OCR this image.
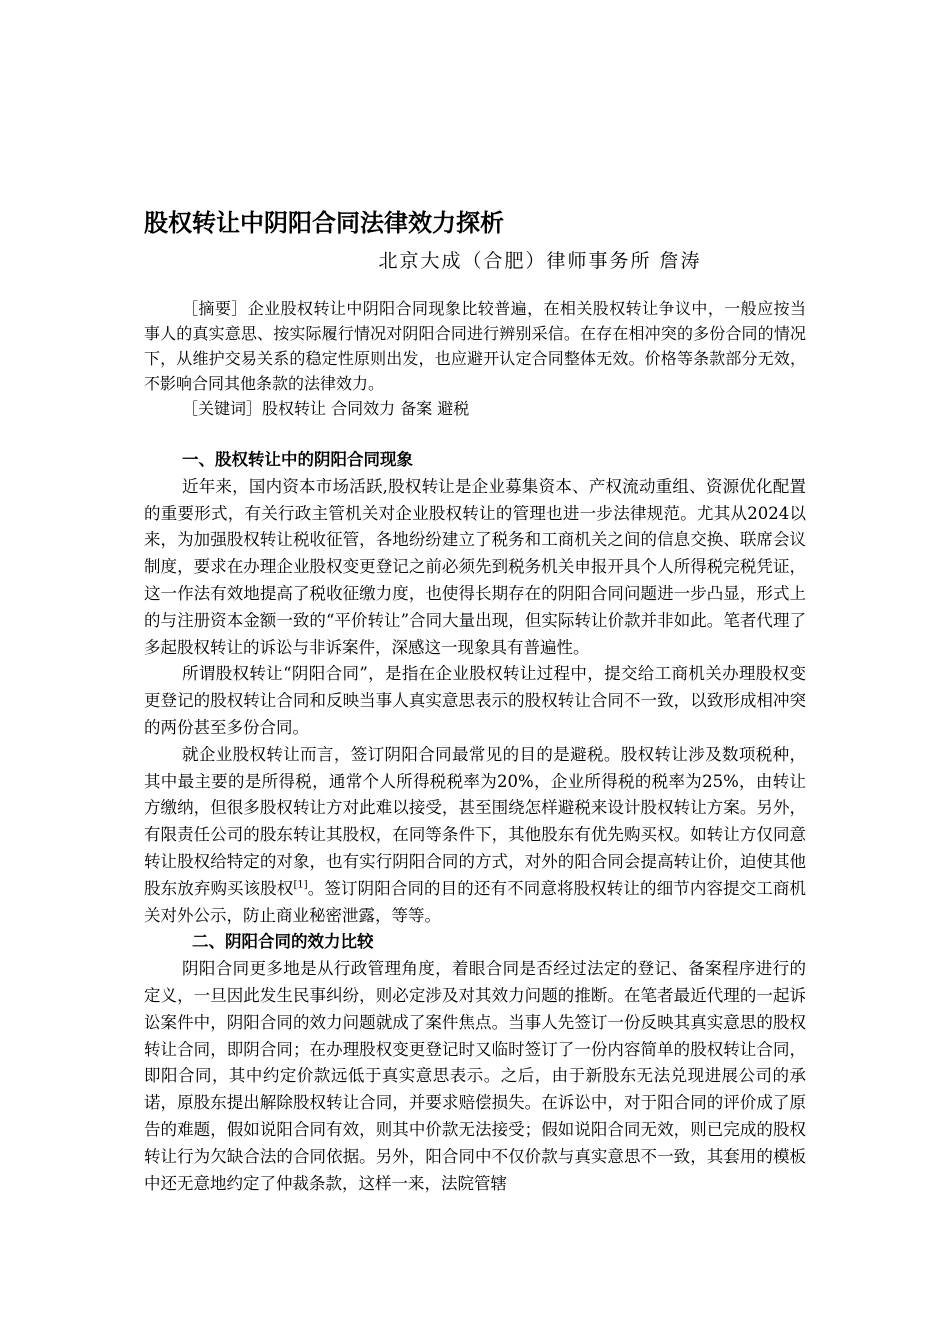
股权转让中阴阳合同法律效力探析
北京大成（合肥）律师事务所 詹涛

［摘要］企业股权转让中阴阳合同现象比较普遍，在相关股权转让争议中，一般应按当事人的真实意思、按实际履行情况对阴阳合同进行辨别采信。在存在相冲突的多份合同的情况下，从维护交易关系的稳定性原则出发，也应避开认定合同整体无效。价格等条款部分无效，不影响合同其他条款的法律效力。

［关键词］股权转让 合同效力 备案 避税

一、股权转让中的阴阳合同现象

近年来，国内资本市场活跃,股权转让是企业募集资本、产权流动重组、资源优化配置的重要形式，有关行政主管机关对企业股权转让的管理也进一步法律规范。尤其从2024以来，为加强股权转让税收征管，各地纷纷建立了税务和工商机关之间的信息交换、联席会议制度，要求在办理企业股权变更登记之前必须先到税务机关申报开具个人所得税完税凭证，这一作法有效地提高了税收征缴力度，也使得长期存在的阴阳合同问题进一步凸显，形式上的与注册资本金额一致的“平价转让”合同大量出现，但实际转让价款并非如此。笔者代理了多起股权转让的诉讼与非诉案件，深感这一现象具有普遍性。

所谓股权转让“阴阳合同”，是指在企业股权转让过程中，提交给工商机关办理股权变更登记的股权转让合同和反映当事人真实意思表示的股权转让合同不一致，以致形成相冲突的两份甚至多份合同。

就企业股权转让而言，签订阴阳合同最常见的目的是避税。股权转让涉及数项税种，其中最主要的是所得税，通常个人所得税税率为20%，企业所得税的税率为25%，由转让方缴纳，但很多股权转让方对此难以接受，甚至围绕怎样避税来设计股权转让方案。另外，有限责任公司的股东转让其股权，在同等条件下，其他股东有优先购买权。如转让方仅同意转让股权给特定的对象，也有实行阴阳合同的方式，对外的阳合同会提高转让价，迫使其他股东放弃购买该股权[1]。签订阴阳合同的目的还有不同意将股权转让的细节内容提交工商机关对外公示，防止商业秘密泄露，等等。

二、阴阳合同的效力比较

阴阳合同更多地是从行政管理角度，着眼合同是否经过法定的登记、备案程序进行的定义，一旦因此发生民事纠纷，则必定涉及对其效力问题的推断。在笔者最近代理的一起诉讼案件中，阴阳合同的效力问题就成了案件焦点。当事人先签订一份反映其真实意思的股权转让合同，即阴合同；在办理股权变更登记时又临时签订了一份内容简单的股权转让合同，即阳合同，其中约定价款远低于真实意思表示。之后，由于新股东无法兑现进展公司的承诺，原股东提出解除股权转让合同，并要求赔偿损失。在诉讼中，对于阳合同的评价成了原告的难题，假如说阳合同有效，则其中价款无法接受；假如说阳合同无效，则已完成的股权转让行为欠缺合法的合同依据。另外，阳合同中不仅价款与真实意思不一致，其套用的模板中还无意地约定了仲裁条款，这样一来，法院管辖
